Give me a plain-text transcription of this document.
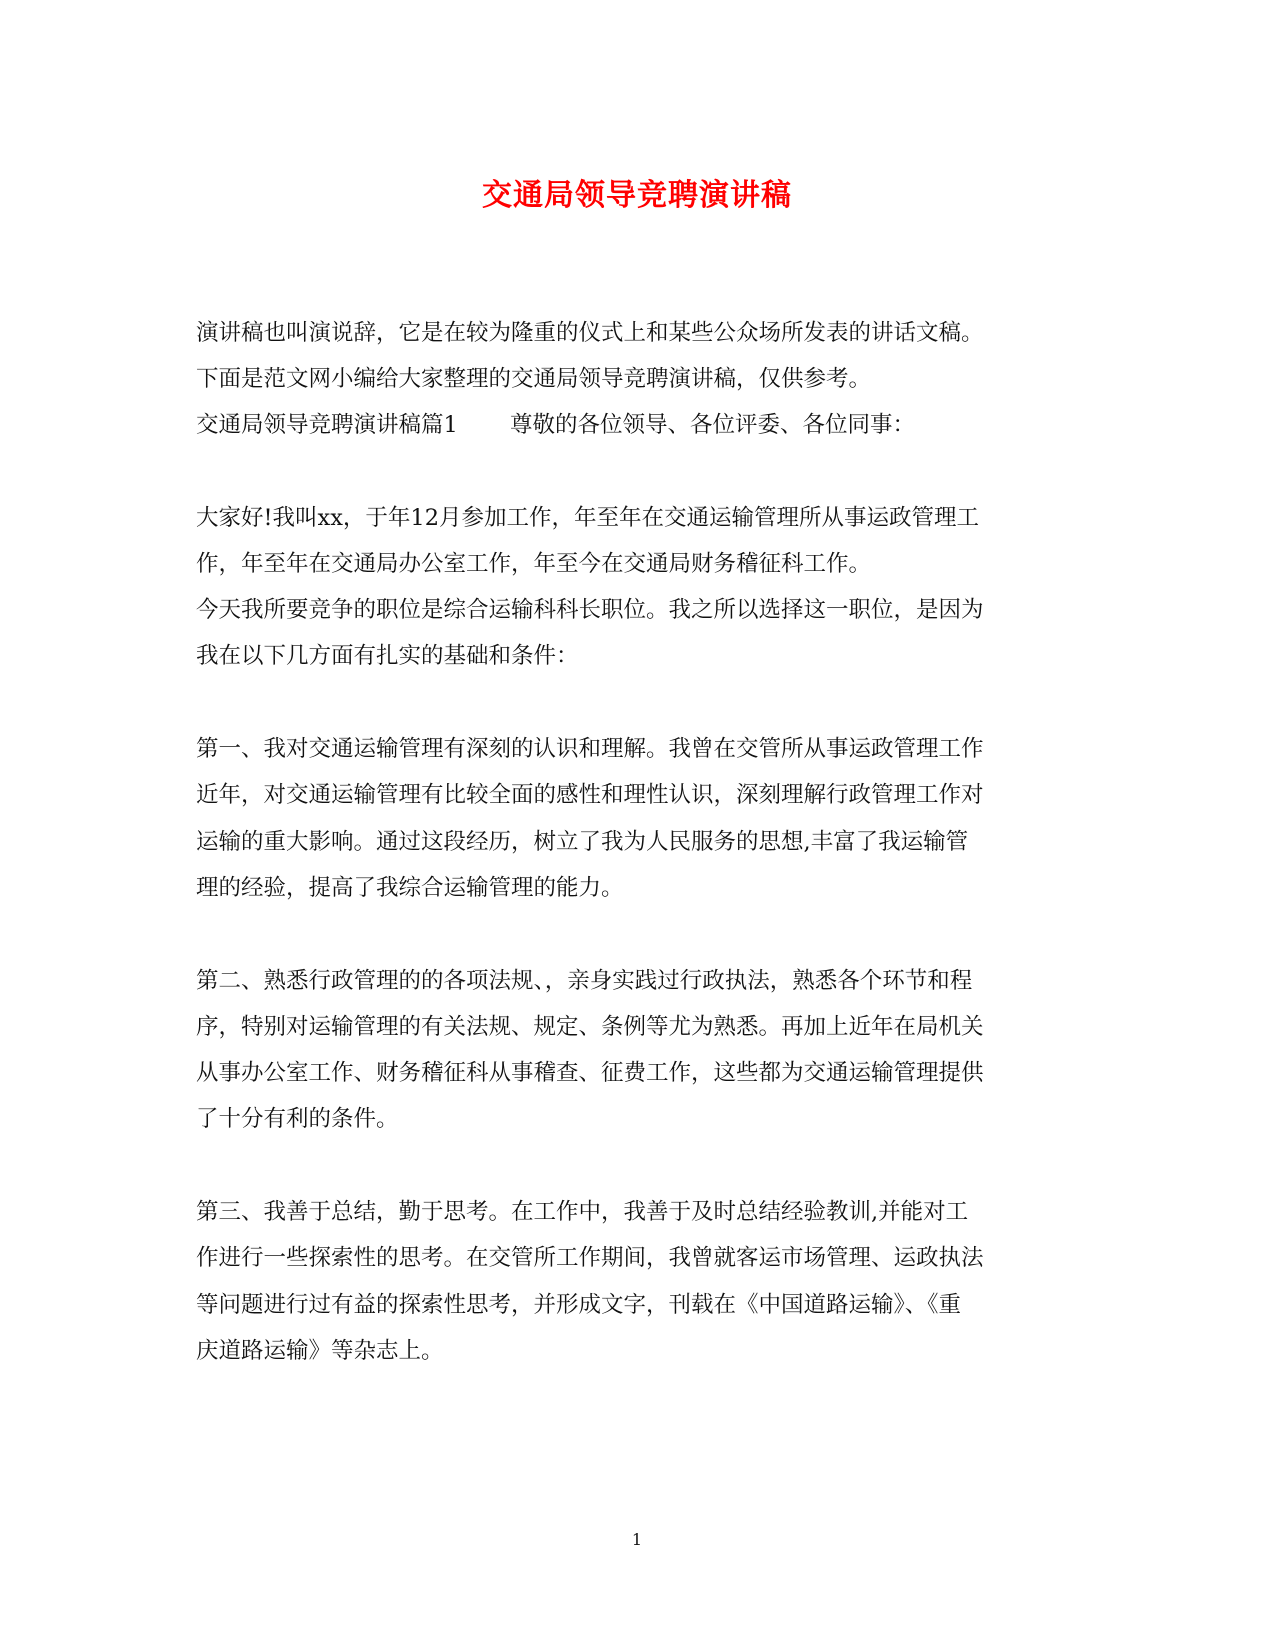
交通局领导竞聘演讲稿
演讲稿也叫演说辞，它是在较为隆重的仪式上和某些公众场所发表的讲话文稿。
下面是范文网小编给大家整理的交通局领导竞聘演讲稿，仅供参考。
交通局领导竞聘演讲稿篇1　　 尊敬的各位领导、各位评委、各位同事：
大家好!我叫xx，于年12月参加工作，年至年在交通运输管理所从事运政管理工
作，年至年在交通局办公室工作，年至今在交通局财务稽征科工作。
今天我所要竞争的职位是综合运输科科长职位。我之所以选择这一职位，是因为
我在以下几方面有扎实的基础和条件：
第一、我对交通运输管理有深刻的认识和理解。我曾在交管所从事运政管理工作
近年，对交通运输管理有比较全面的感性和理性认识，深刻理解行政管理工作对
运输的重大影响。通过这段经历，树立了我为人民服务的思想,丰富了我运输管
理的经验，提高了我综合运输管理的能力。
第二、熟悉行政管理的的各项法规、，亲身实践过行政执法，熟悉各个环节和程
序，特别对运输管理的有关法规、规定、条例等尤为熟悉。再加上近年在局机关
从事办公室工作、财务稽征科从事稽查、征费工作，这些都为交通运输管理提供
了十分有利的条件。
第三、我善于总结，勤于思考。在工作中，我善于及时总结经验教训,并能对工
作进行一些探索性的思考。在交管所工作期间，我曾就客运市场管理、运政执法
等问题进行过有益的探索性思考，并形成文字，刊载在《中国道路运输》、《重
庆道路运输》等杂志上。
1
